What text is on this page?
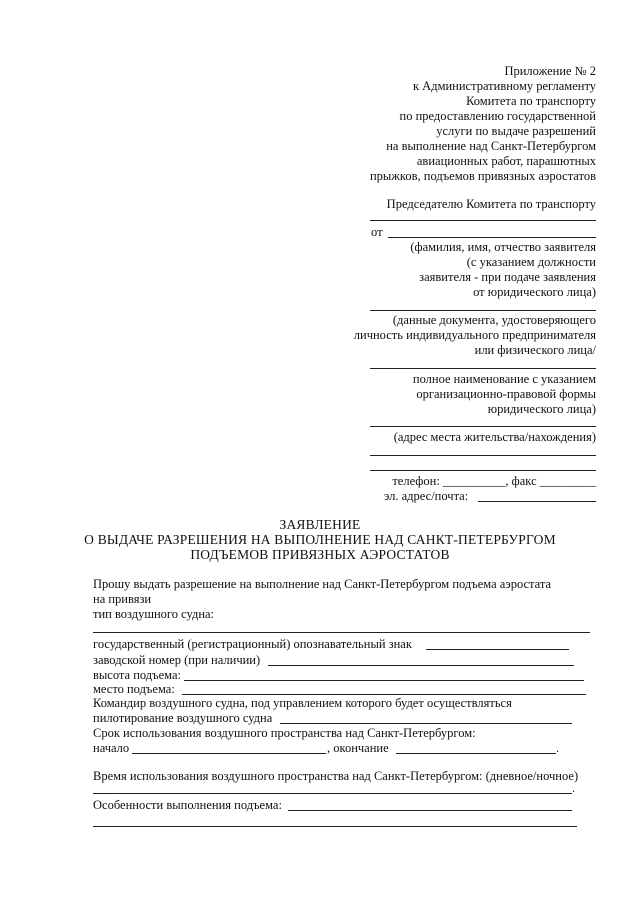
Приложение № 2
к Административному регламенту
Комитета по транспорту
по предоставлению государственной
услуги по выдаче разрешений
на выполнение над Санкт-Петербургом
авиационных работ, парашютных
прыжков, подъемов привязных аэростатов
Председателю Комитета по транспорту
от
(фамилия, имя, отчество заявителя
(с указанием должности
заявителя - при подаче заявления
от юридического лица)
(данные документа, удостоверяющего
личность индивидуального предпринимателя
или физического лица/
полное наименование с указанием
организационно-правовой формы
юридического лица)
(адрес места жительства/нахождения)
телефон: __________, факс _________
эл. адрес/почта:
ЗАЯВЛЕНИЕ
О ВЫДАЧЕ РАЗРЕШЕНИЯ НА ВЫПОЛНЕНИЕ НАД САНКТ-ПЕТЕРБУРГОМ
ПОДЪЕМОВ ПРИВЯЗНЫХ АЭРОСТАТОВ
Прошу выдать разрешение на выполнение над Санкт-Петербургом подъема аэростата
на привязи
тип воздушного судна:
государственный (регистрационный) опознавательный знак
заводской номер (при наличии)
высота подъема:
место подъема:
Командир воздушного судна, под управлением которого будет осуществляться
пилотирование воздушного судна
Срок использования воздушного пространства над Санкт-Петербургом:
начало	, окончание	.
Время использования воздушного пространства над Санкт-Петербургом: (дневное/ночное)
.
Особенности выполнения подъема:
